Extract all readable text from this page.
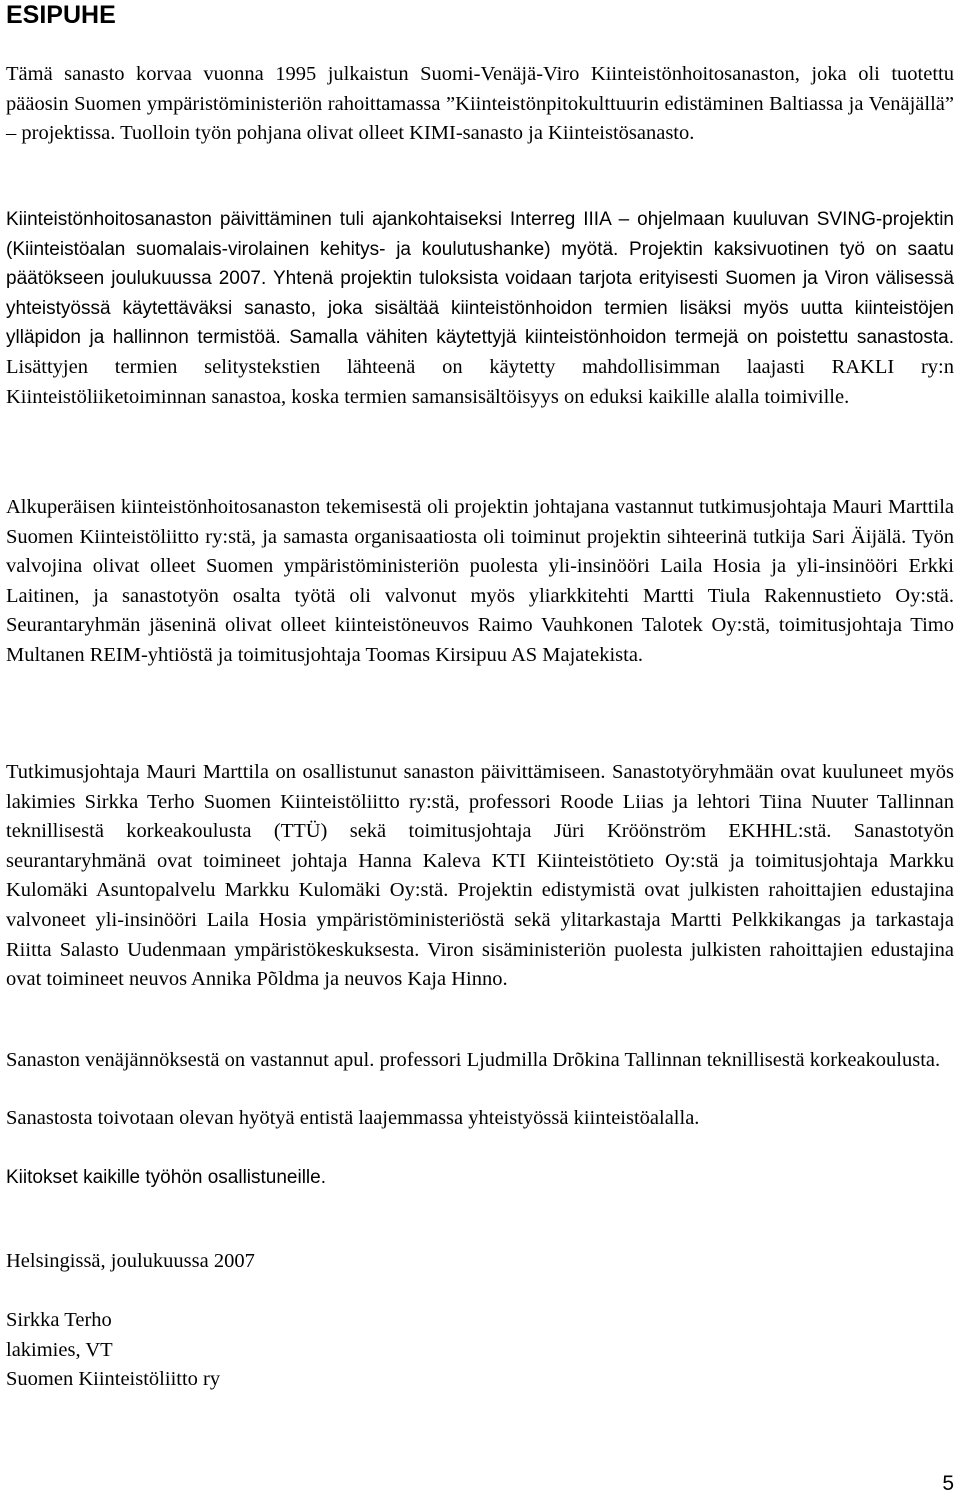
ESIPUHE

Tämä sanasto korvaa vuonna 1995 julkaistun Suomi-Venäjä-Viro Kiinteistönhoitosanaston, joka oli tuotettu pääosin Suomen ympäristöministeriön rahoittamassa ”Kiinteistönpitokulttuurin edistäminen Baltiassa ja Venäjällä” – projektissa. Tuolloin työn pohjana olivat olleet KIMI-sanasto ja Kiinteistösanasto.

Kiinteistönhoitosanaston päivittäminen tuli ajankohtaiseksi Interreg IIIA – ohjelmaan kuuluvan SVING-projektin (Kiinteistöalan suomalais-virolainen kehitys- ja koulutushanke) myötä. Projektin kaksivuotinen työ on saatu päätökseen joulukuussa 2007. Yhtenä projektin tuloksista voidaan tarjota erityisesti Suomen ja Viron välisessä yhteistyössä käytettäväksi sanasto, joka sisältää kiinteistönhoidon termien lisäksi myös uutta kiinteistöjen ylläpidon ja hallinnon termistöä. Samalla vähiten käytettyjä kiinteistönhoidon termejä on poistettu sanastosta. Lisättyjen termien selitystekstien lähteenä on käytetty mahdollisimman laajasti RAKLI ry:n Kiinteistöliiketoiminnan sanastoa, koska termien samansisältöisyys on eduksi kaikille alalla toimiville.

Alkuperäisen kiinteistönhoitosanaston tekemisestä oli projektin johtajana vastannut tutkimusjohtaja Mauri Marttila Suomen Kiinteistöliitto ry:stä, ja samasta organisaatiosta oli toiminut projektin sihteerinä tutkija Sari Äijälä. Työn valvojina olivat olleet Suomen ympäristöministeriön puolesta yli-insinööri Laila Hosia ja yli-insinööri Erkki Laitinen, ja sanastotyön osalta työtä oli valvonut myös yliarkkitehti Martti Tiula Rakennustieto Oy:stä. Seurantaryhmän jäseninä olivat olleet kiinteistöneuvos Raimo Vauhkonen Talotek Oy:stä, toimitusjohtaja Timo Multanen REIM-yhtiöstä ja toimitusjohtaja Toomas Kirsipuu AS Majatekista.

Tutkimusjohtaja Mauri Marttila on osallistunut sanaston päivittämiseen. Sanastotyöryhmään ovat kuuluneet myös lakimies Sirkka Terho Suomen Kiinteistöliitto ry:stä, professori Roode Liias ja lehtori Tiina Nuuter Tallinnan teknillisestä korkeakoulusta (TTÜ) sekä toimitusjohtaja Jüri Kröönström EKHHL:stä. Sanastotyön seurantaryhmänä ovat toimineet johtaja Hanna Kaleva KTI Kiinteistötieto Oy:stä ja toimitusjohtaja Markku Kulomäki Asuntopalvelu Markku Kulomäki Oy:stä. Projektin edistymistä ovat julkisten rahoittajien edustajina valvoneet yli-insinööri Laila Hosia ympäristöministeriöstä sekä ylitarkastaja Martti Pelkkikangas ja tarkastaja Riitta Salasto Uudenmaan ympäristökeskuksesta. Viron sisäministeriön puolesta julkisten rahoittajien edustajina ovat toimineet neuvos Annika Põldma ja neuvos Kaja Hinno.

Sanaston venäjännöksestä on vastannut apul. professori Ljudmilla Drõkina Tallinnan teknillisestä korkeakoulusta.

Sanastosta toivotaan olevan hyötyä entistä laajemmassa yhteistyössä kiinteistöalalla.

Kiitokset kaikille työhön osallistuneille.

Helsingissä, joulukuussa 2007
Sirkka Terho
lakimies, VT
Suomen Kiinteistöliitto ry
5
